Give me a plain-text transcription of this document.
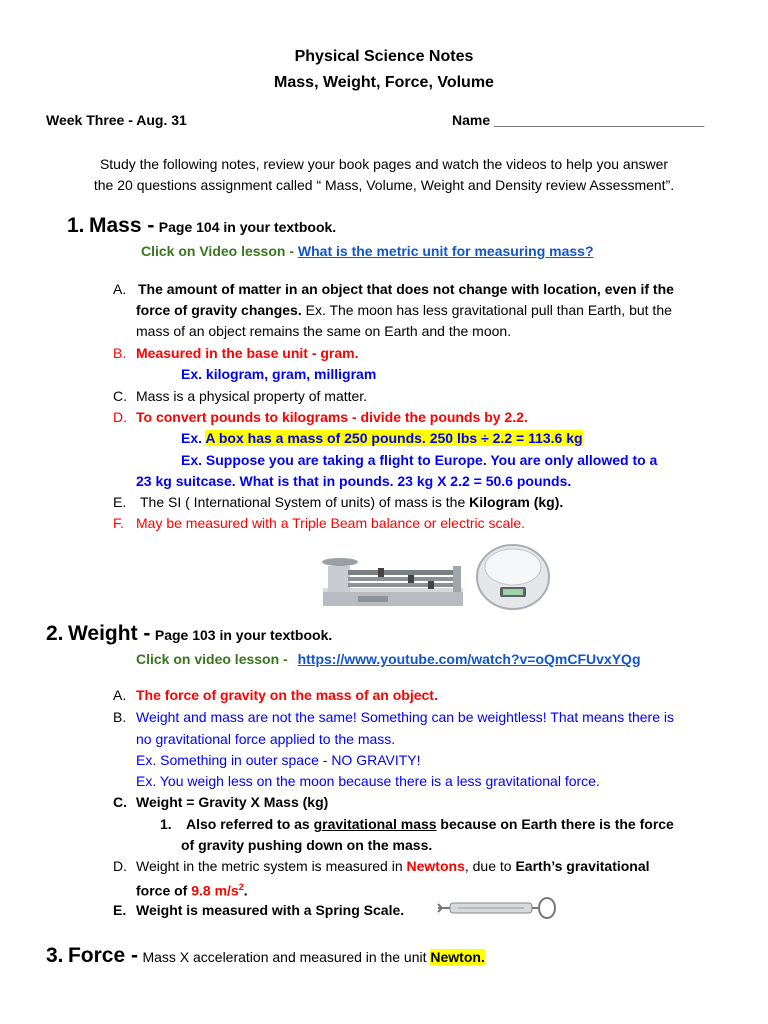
Physical Science Notes
Mass, Weight, Force, Volume
Week Three - Aug. 31	Name ___________________________
Study the following notes, review your book pages and watch the videos to help you answer
the 20 questions assignment called “ Mass, Volume, Weight and Density review Assessment”.
1. Mass - Page 104 in your textbook.
Click on Video lesson - What is the metric unit for measuring mass?
A. The amount of matter in an object that does not change with location, even if the
force of gravity changes. Ex. The moon has less gravitational pull than Earth, but the
mass of an object remains the same on Earth and the moon.
B. Measured in the base unit - gram.
Ex. kilogram, gram, milligram
C. Mass is a physical property of matter.
D. To convert pounds to kilograms - divide the pounds by 2.2.
Ex. A box has a mass of 250 pounds. 250 lbs ÷ 2.2 = 113.6 kg
Ex. Suppose you are taking a flight to Europe. You are only allowed to a
23 kg suitcase. What is that in pounds. 23 kg X 2.2 = 50.6 pounds.
E. The SI ( International System of units) of mass is the Kilogram (kg).
F. May be measured with a Triple Beam balance or electric scale.
2. Weight - Page 103 in your textbook.
Click on video lesson - https://www.youtube.com/watch?v=oQmCFUvxYQg
A. The force of gravity on the mass of an object.
B. Weight and mass are not the same! Something can be weightless! That means there is
no gravitational force applied to the mass.
Ex. Something in outer space - NO GRAVITY!
Ex. You weigh less on the moon because there is a less gravitational force.
C. Weight = Gravity X Mass (kg)
1. Also referred to as gravitational mass because on Earth there is the force
of gravity pushing down on the mass.
D. Weight in the metric system is measured in Newtons, due to Earth’s gravitational
force of 9.8 $m/s^2$.
E. Weight is measured with a Spring Scale.
3. Force - Mass X acceleration and measured in the unit Newton.
